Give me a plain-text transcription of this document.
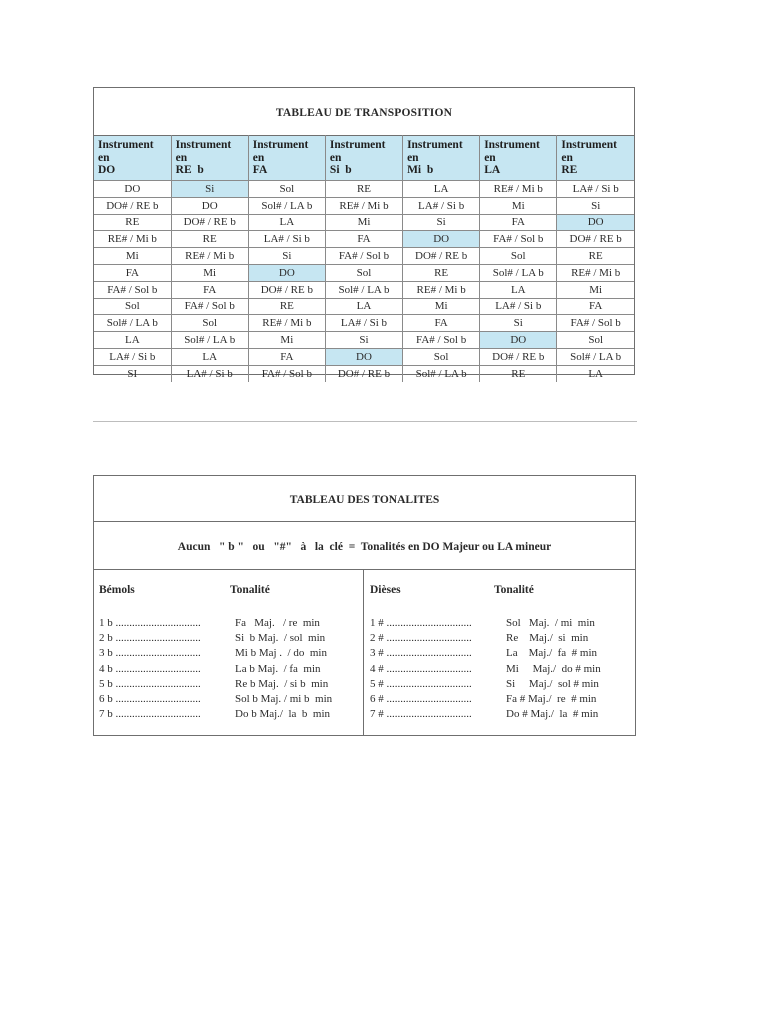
TABLEAU DE TRANSPOSITION
Instrument
en
DO	Instrument
en
RE  b	Instrument
en
FA	Instrument
en
Si  b	Instrument
en
Mi  b	Instrument
en
LA	Instrument
en
RE
DO	Si	Sol	RE	LA	RE# / Mi b	LA# / Si b
DO# / RE b	DO	Sol# / LA b	RE# / Mi b	LA# / Si b	Mi	Si
RE	DO# / RE b	LA	Mi	Si	FA	DO
RE# / Mi b	RE	LA# / Si b	FA	DO	FA# / Sol b	DO# / RE b
Mi	RE# / Mi b	Si	FA# / Sol b	DO# / RE b	Sol	RE
FA	Mi	DO	Sol	RE	Sol# / LA b	RE# / Mi b
FA# / Sol b	FA	DO# / RE b	Sol# / LA b	RE# / Mi b	LA	Mi
Sol	FA# / Sol b	RE	LA	Mi	LA# / Si b	FA
Sol# / LA b	Sol	RE# / Mi b	LA# / Si b	FA	Si	FA# / Sol b
LA	Sol# / LA b	Mi	Si	FA# / Sol b	DO	Sol
LA# / Si b	LA	FA	DO	Sol	DO# / RE b	Sol# / LA b
SI	LA# / Si b	FA# / Sol b	DO# / RE b	Sol# / LA b	RE	LA
TABLEAU DES TONALITES
Aucun   " b "   ou   "#"   à   la  clé  =  Tonalités en DO Majeur ou LA mineur
Bémols	Tonalité
1 b ...............................	Fa   Maj.   / re  min
2 b ...............................	Si  b Maj.  / sol  min
3 b ...............................	Mi b Maj .  / do  min
4 b ...............................	La b Maj.  / fa  min
5 b ...............................	Re b Maj.  / si b  min
6 b ...............................	Sol b Maj. / mi b  min
7 b ...............................	Do b Maj./  la  b  min
Dièses	Tonalité
1 # ...............................	Sol   Maj.  / mi  min
2 # ...............................	Re    Maj./  si  min
3 # ...............................	La    Maj./  fa  # min
4 # ...............................	Mi     Maj./  do # min
5 # ...............................	Si     Maj./  sol # min
6 # ...............................	Fa # Maj./  re  # min
7 # ...............................	Do # Maj./  la  # min
